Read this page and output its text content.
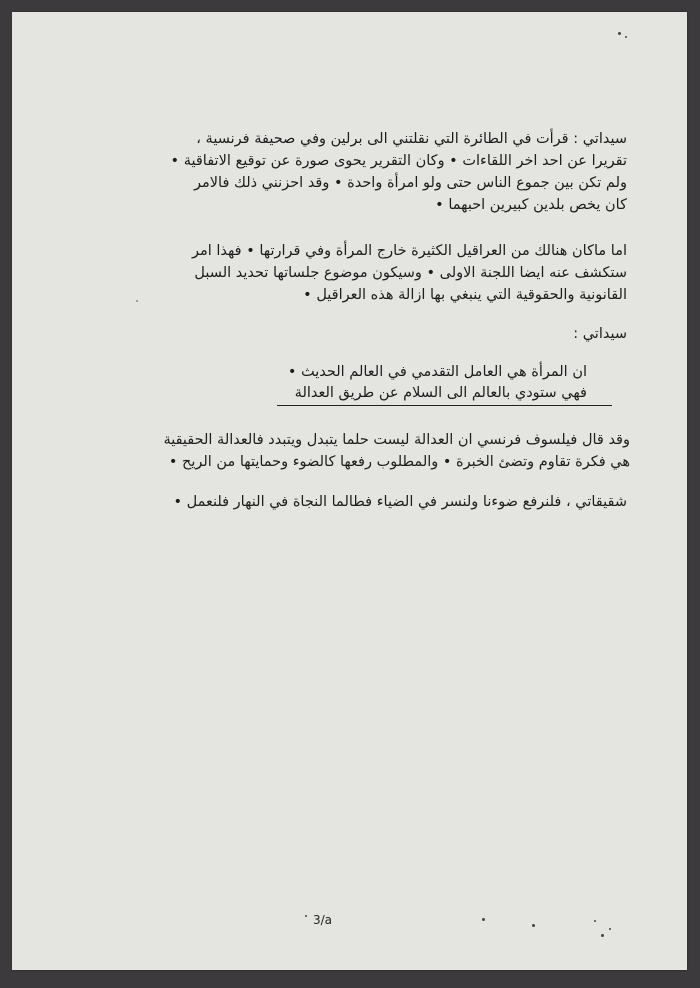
سيداتي : قرأت في الطائرة التي نقلتني الى برلين وفي صحيفة فرنسية ،
تقريرا عن احد اخر اللقاءات • وكان التقرير يحوى صورة عن توقيع الاتفاقية •
ولم تكن بين جموع الناس حتى ولو امرأة واحدة • وقد احزنني ذلك فالامر
كان يخص بلدين كبيرين احبهما •
اما ماكان هنالك من العراقيل الكثيرة خارج المرأة وفي قرارتها • فهذا امر
ستكشف عنه ايضا اللجنة الاولى • وسيكون موضوع جلساتها تحديد السبل
القانونية والحقوقية التي ينبغي بها ازالة هذه العراقيل •
سيداتي :
ان المرأة هي العامل التقدمي في العالم الحديث •
فهي ستودي بالعالم الى السلام عن طريق العدالة
وقد قال فيلسوف فرنسي ان العدالة ليست حلما يتبدل ويتبدد فالعدالة الحقيقية
هي فكرة تقاوم وتضئ الخبرة • والمطلوب رفعها كالضوء وحمايتها من الريح •
شقيقاتي ، فلنرفع ضوءنا ولنسر في الضياء فطالما النجاة في النهار فلنعمل •
3/a
